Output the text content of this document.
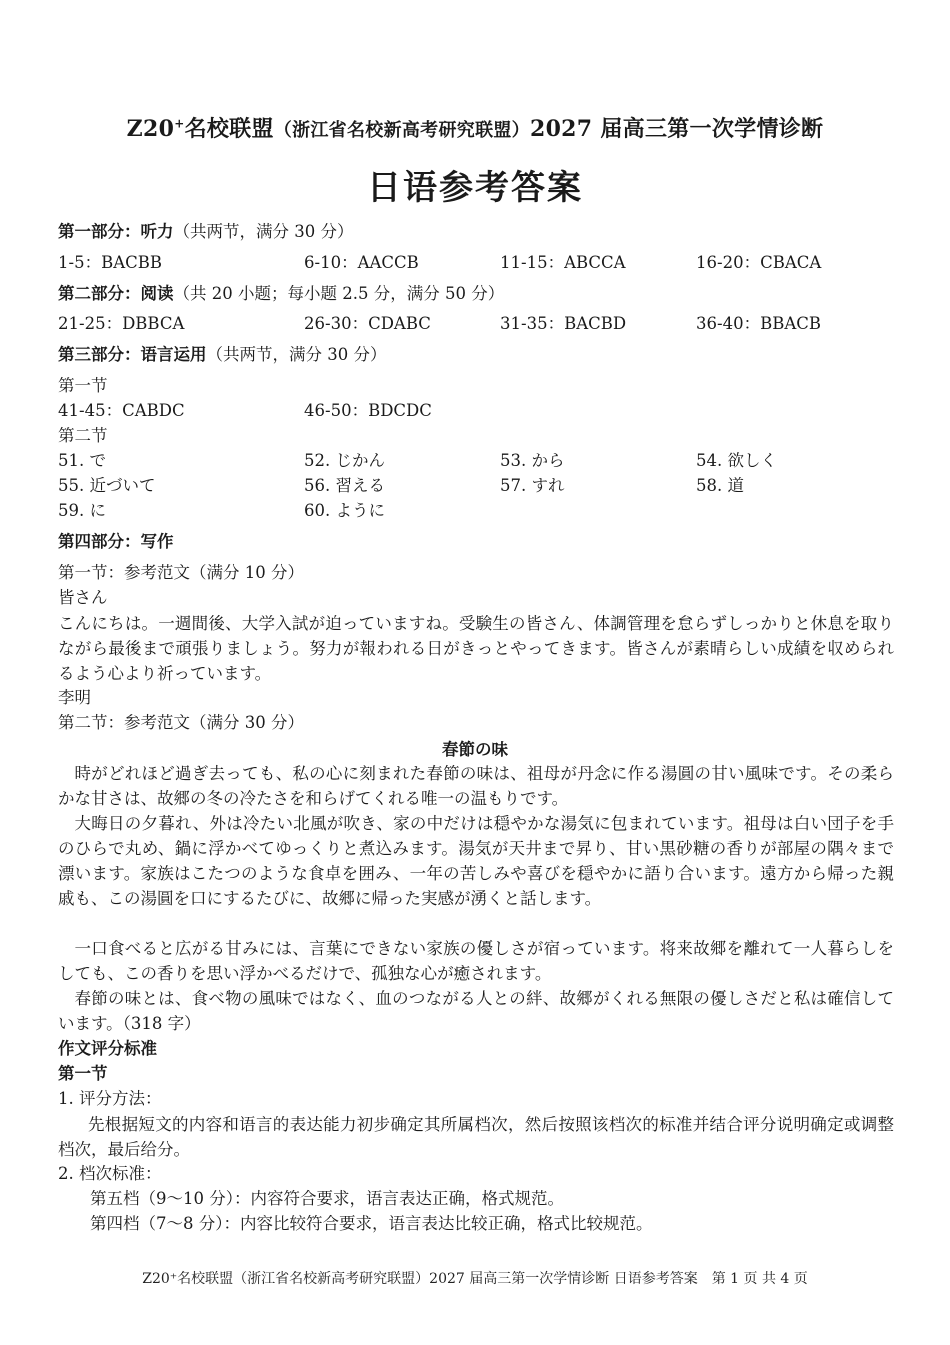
Z20+名校联盟（浙江省名校新高考研究联盟）2027 届高三第一次学情诊断
日语参考答案
第一部分：听力（共两节，满分 30 分）
1-5：BACBB	6-10：AACCB	11-15：ABCCA	16-20：CBACA
第二部分：阅读（共 20 小题；每小题 2.5 分，满分 50 分）
21-25：DBBCA	26-30：CDABC	31-35：BACBD	36-40：BBACB
第三部分：语言运用（共两节，满分 30 分）
第一节
41-45：CABDC	46-50：BDCDC
第二节
51. で	52. じかん	53. から	54. 欲しく
55. 近づいて	56. 習える	57. すれ	58. 道
59. に	60. ように
第四部分：写作
第一节：参考范文（满分 10 分）
皆さん
こんにちは。一週間後、大学入試が迫っていますね。受験生の皆さん、体調管理を怠らずしっかりと休息を取りながら最後まで頑張りましょう。努力が報われる日がきっとやってきます。皆さんが素晴らしい成績を収められるよう心より祈っています。
李明
第二节：参考范文（满分 30 分）
春節の味
時がどれほど過ぎ去っても、私の心に刻まれた春節の味は、祖母が丹念に作る湯圓の甘い風味です。その柔らかな甘さは、故郷の冬の冷たさを和らげてくれる唯一の温もりです。
大晦日の夕暮れ、外は冷たい北風が吹き、家の中だけは穏やかな湯気に包まれています。祖母は白い団子を手のひらで丸め、鍋に浮かべてゆっくりと煮込みます。湯気が天井まで昇り、甘い黒砂糖の香りが部屋の隅々まで漂います。家族はこたつのような食卓を囲み、一年の苦しみや喜びを穏やかに語り合います。遠方から帰った親戚も、この湯圓を口にするたびに、故郷に帰った実感が湧くと話します。
一口食べると広がる甘みには、言葉にできない家族の優しさが宿っています。将来故郷を離れて一人暮らしをしても、この香りを思い浮かべるだけで、孤独な心が癒されます。
春節の味とは、食べ物の風味ではなく、血のつながる人との絆、故郷がくれる無限の優しさだと私は確信しています。（318 字）
作文评分标准
第一节
1. 评分方法：
先根据短文的内容和语言的表达能力初步确定其所属档次，然后按照该档次的标准并结合评分说明确定或调整档次，最后给分。
2. 档次标准：
第五档（9～10 分）：内容符合要求，语言表达正确，格式规范。
第四档（7～8 分）：内容比较符合要求，语言表达比较正确，格式比较规范。
Z20⁺名校联盟（浙江省名校新高考研究联盟）2027 届高三第一次学情诊断 日语参考答案　第 1 页 共 4 页
